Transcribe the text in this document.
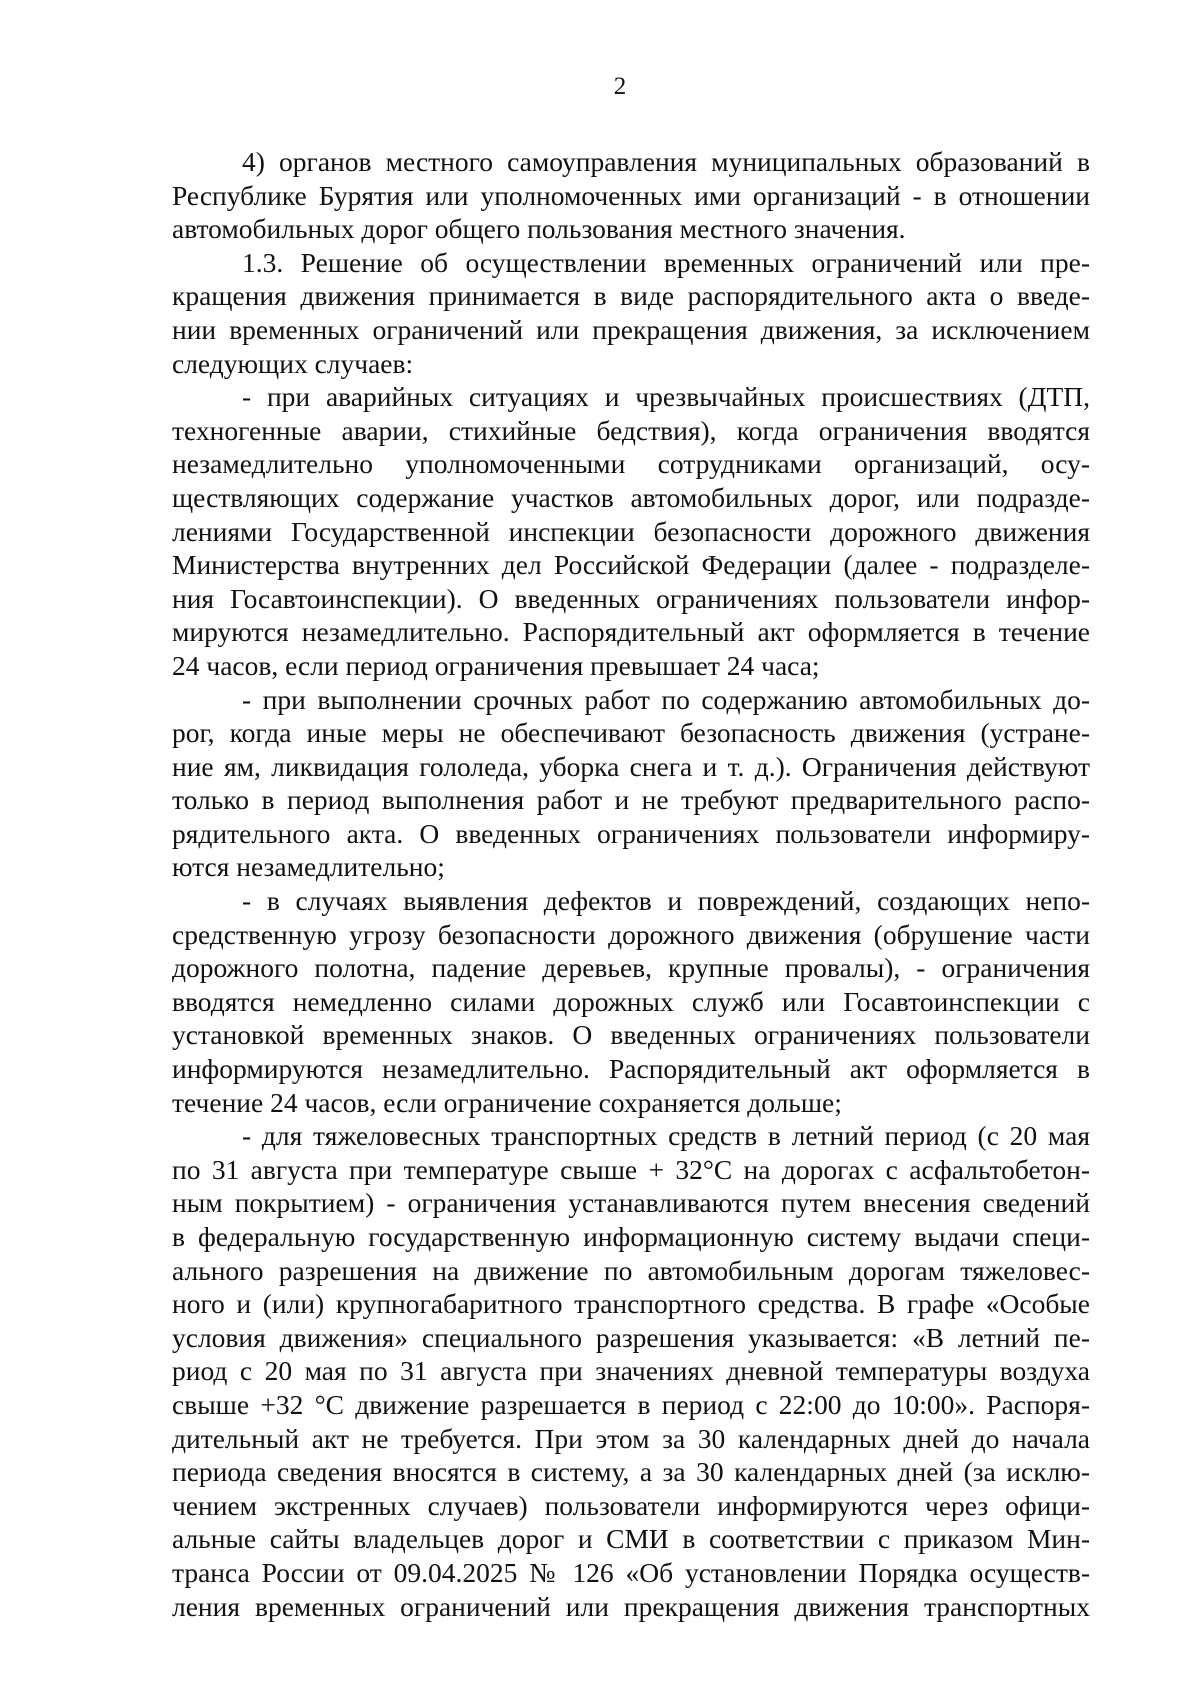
2
4) органов местного самоуправления муниципальных образований в
Республике Бурятия или уполномоченных ими организаций - в отношении
автомобильных дорог общего пользования местного значения.
1.3. Решение об осуществлении временных ограничений или пре-
кращения движения принимается в виде распорядительного акта о введе-
нии временных ограничений или прекращения движения, за исключением
следующих случаев:
- при аварийных ситуациях и чрезвычайных происшествиях (ДТП,
техногенные аварии, стихийные бедствия), когда ограничения вводятся
незамедлительно уполномоченными сотрудниками организаций, осу-
ществляющих содержание участков автомобильных дорог, или подразде-
лениями Государственной инспекции безопасности дорожного движения
Министерства внутренних дел Российской Федерации (далее - подразделе-
ния Госавтоинспекции). О введенных ограничениях пользователи инфор-
мируются незамедлительно. Распорядительный акт оформляется в течение
24 часов, если период ограничения превышает 24 часа;
- при выполнении срочных работ по содержанию автомобильных до-
рог, когда иные меры не обеспечивают безопасность движения (устране-
ние ям, ликвидация гололеда, уборка снега и т. д.). Ограничения действуют
только в период выполнения работ и не требуют предварительного распо-
рядительного акта. О введенных ограничениях пользователи информиру-
ются незамедлительно;
- в случаях выявления дефектов и повреждений, создающих непо-
средственную угрозу безопасности дорожного движения (обрушение части
дорожного полотна, падение деревьев, крупные провалы), - ограничения
вводятся немедленно силами дорожных служб или Госавтоинспекции с
установкой временных знаков. О введенных ограничениях пользователи
информируются незамедлительно. Распорядительный акт оформляется в
течение 24 часов, если ограничение сохраняется дольше;
- для тяжеловесных транспортных средств в летний период (с 20 мая
по 31 августа при температуре свыше + 32°C на дорогах с асфальтобетон-
ным покрытием) - ограничения устанавливаются путем внесения сведений
в федеральную государственную информационную систему выдачи специ-
ального разрешения на движение по автомобильным дорогам тяжеловес-
ного и (или) крупногабаритного транспортного средства. В графе «Особые
условия движения» специального разрешения указывается: «В летний пе-
риод с 20 мая по 31 августа при значениях дневной температуры воздуха
свыше +32 °C движение разрешается в период с 22:00 до 10:00». Распоря-
дительный акт не требуется. При этом за 30 календарных дней до начала
периода сведения вносятся в систему, а за 30 календарных дней (за исклю-
чением экстренных случаев) пользователи информируются через офици-
альные сайты владельцев дорог и СМИ в соответствии с приказом Мин-
транса России от 09.04.2025 № 126 «Об установлении Порядка осуществ-
ления временных ограничений или прекращения движения транспортных
